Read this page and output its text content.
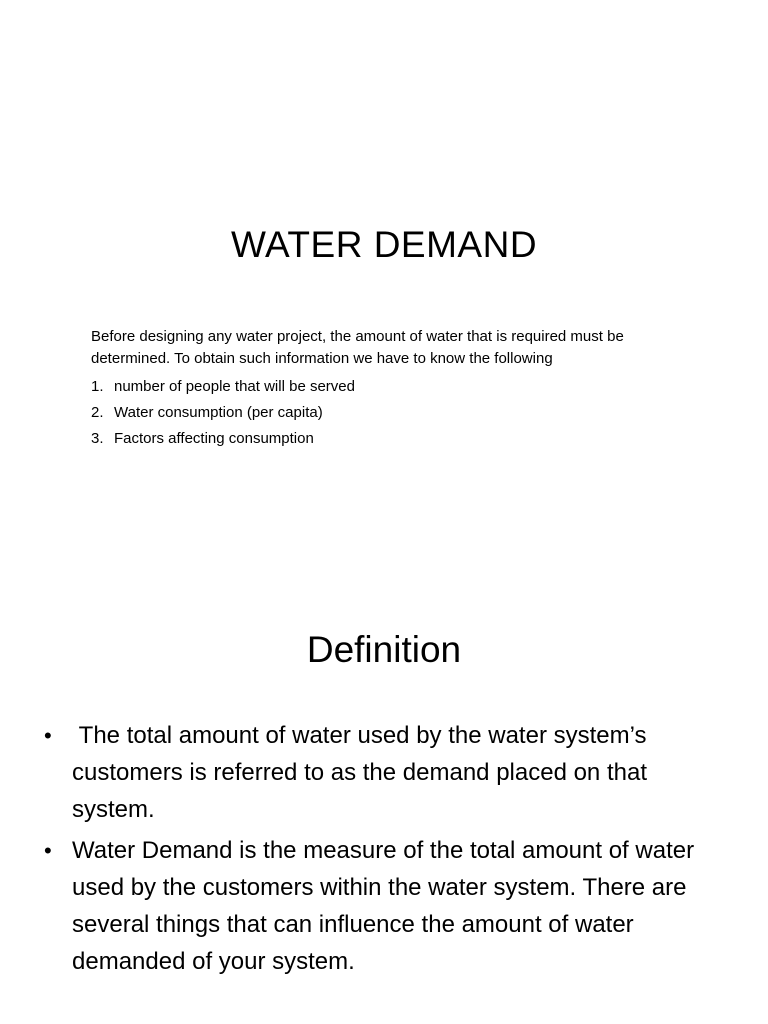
WATER DEMAND

Before designing any water project, the amount of water that is required must be determined. To obtain such information we have to know the following

1. number of people that will be served
2. Water consumption (per capita)
3. Factors affecting consumption
Definition
• The total amount of water used by the water system’s customers is referred to as the demand placed on that system.
• Water Demand is the measure of the total amount of water used by the customers within the water system. There are several things that can influence the amount of water demanded of your system.
